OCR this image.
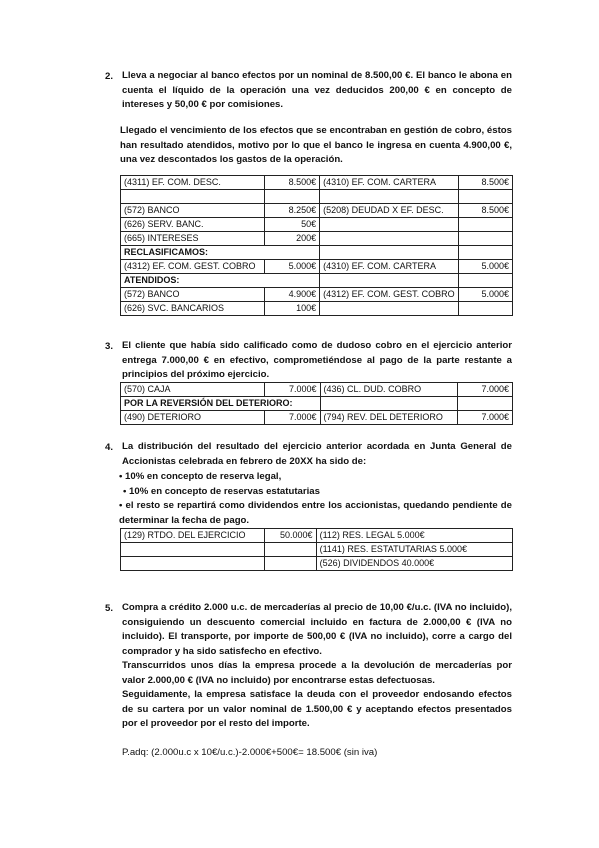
2. Lleva a negociar al banco efectos por un nominal de 8.500,00 €. El banco le abona en cuenta el líquido de la operación una vez deducidos 200,00 € en concepto de intereses y 50,00 € por comisiones.

Llegado el vencimiento de los efectos que se encontraban en gestión de cobro, éstos han resultado atendidos, motivo por lo que el banco le ingresa en cuenta 4.900,00 €, una vez descontados los gastos de la operación.

(4311) EF. COM. DESC.	8.500€	(4310) EF. COM. CARTERA	8.500€

(572) BANCO	8.250€	(5208) DEUDAD X EF. DESC.	8.500€
(626) SERV. BANC.	50€		
(665) INTERESES	200€		
RECLASIFICAMOS:			
(4312) EF. COM. GEST. COBRO	5.000€	(4310) EF. COM. CARTERA	5.000€
ATENDIDOS:			
(572) BANCO	4.900€	(4312) EF. COM. GEST. COBRO	5.000€
(626) SVC. BANCARIOS	100€		
3. El cliente que había sido calificado como de dudoso cobro en el ejercicio anterior entrega 7.000,00 € en efectivo, comprometiéndose al pago de la parte restante a principios del próximo ejercicio.

(570) CAJA	7.000€	(436) CL. DUD. COBRO	7.000€
POR LA REVERSIÓN DEL DETERIORO:			
(490) DETERIORO	7.000€	(794) REV. DEL DETERIORO	7.000€
4. La distribución del resultado del ejercicio anterior acordada en Junta General de Accionistas celebrada en febrero de 20XX ha sido de:

• 10% en concepto de reserva legal,

• 10% en concepto de reservas estatutarias

• el resto se repartirá como dividendos entre los accionistas, quedando pendiente de determinar la fecha de pago.

(129) RTDO. DEL EJERCICIO	50.000€	(112) RES. LEGAL 5.000€
		(1141) RES. ESTATUTARIAS 5.000€
		(526) DIVIDENDOS 40.000€
5. Compra a crédito 2.000 u.c. de mercaderías al precio de 10,00 €/u.c. (IVA no incluido), consiguiendo un descuento comercial incluido en factura de 2.000,00 € (IVA no incluido). El transporte, por importe de 500,00 € (IVA no incluido), corre a cargo del comprador y ha sido satisfecho en efectivo.

Transcurridos unos días la empresa procede a la devolución de mercaderías por valor 2.000,00 € (IVA no incluido) por encontrarse estas defectuosas.

Seguidamente, la empresa satisface la deuda con el proveedor endosando efectos de su cartera por un valor nominal de 1.500,00 € y aceptando efectos presentados por el proveedor por el resto del importe.

P.adq: (2.000u.c x 10€/u.c.)-2.000€+500€= 18.500€ (sin iva)
